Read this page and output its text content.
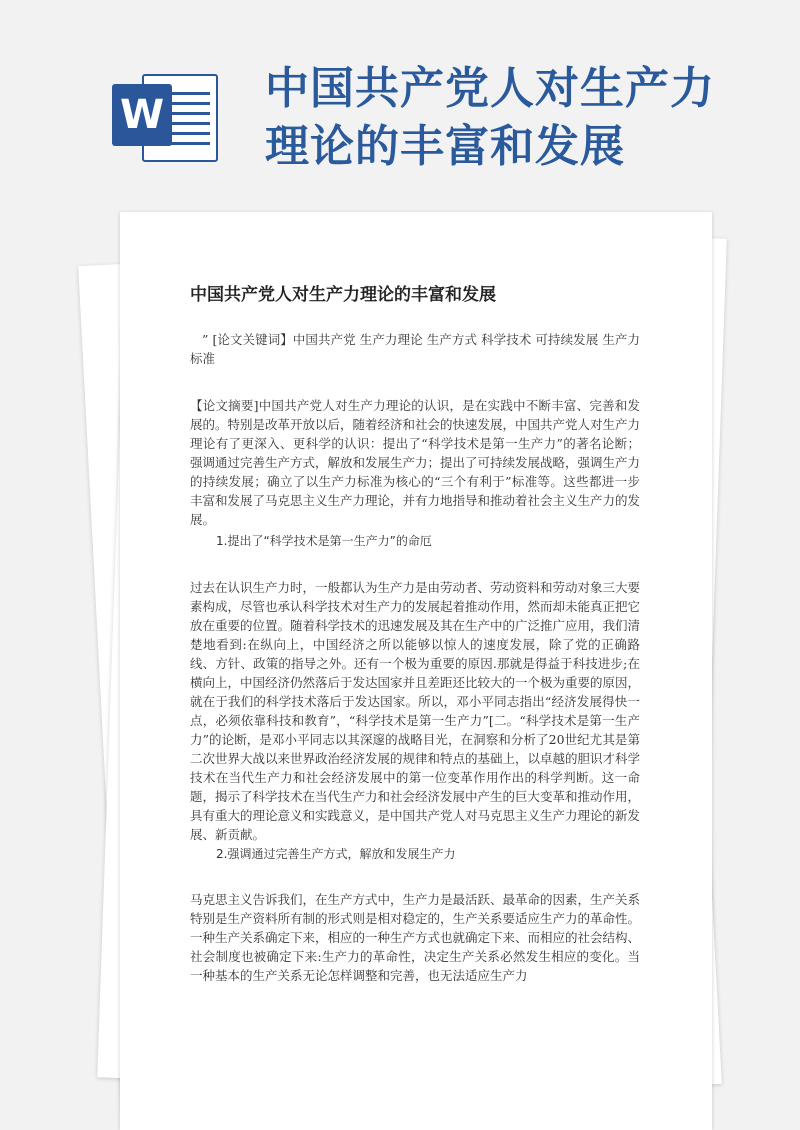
W
中国共产党人对生产力
理论的丰富和发展
中国共产党人对生产力理论的丰富和发展
” [论文关键词】中国共产党 生产力理论 生产方式 科学技术 可持续发展 生产力标准
【论文摘要]中国共产党人对生产力理论的认识，是在实践中不断丰富、完善和发展的。特别是改革开放以后，随着经济和社会的快速发展，中国共产党人对生产力理论有了更深入、更科学的认识：提出了“科学技术是第一生产力”的著名论断；强调通过完善生产方式，解放和发展生产力；提出了可持续发展战略，强调生产力的持续发展；确立了以生产力标准为核心的“三个有利于”标准等。这些都进一步丰富和发展了马克思主义生产力理论，并有力地指导和推动着社会主义生产力的发展。
1.提出了“科学技术是第一生产力”的命厄
过去在认识生产力时，一般都认为生产力是由劳动者、劳动资料和劳动对象三大要素构成，尽管也承认科学技术对生产力的发展起着推动作用，然而却未能真正把它放在重要的位置。随着科学技术的迅速发展及其在生产中的广泛推广应用，我们清楚地看到:在纵向上，中国经济之所以能够以惊人的速度发展，除了党的正确路线、方针、政策的指导之外。还有一个极为重要的原因.那就是得益于科技进步;在横向上，中国经济仍然落后于发达国家并且差距还比较大的一个极为重要的原因，就在于我们的科学技术落后于发达国家。所以，邓小平同志指出“经济发展得快一点，必须依靠科技和教育”，“科学技术是第一生产力”[二。“科学技术是第一生产力”的论断，是邓小平同志以其深邃的战略目光，在洞察和分析了20世纪尤其是第二次世界大战以来世界政治经济发展的规律和特点的基础上，以卓越的胆识才科学技术在当代生产力和社会经济发展中的第一位变革作用作出的科学判断。这一命题，揭示了科学技术在当代生产力和社会经济发展中产生的巨大变革和推动作用，具有重大的理论意义和实践意义，是中国共产党人对马克思主义生产力理论的新发展、新贡献。
2.强调通过完善生产方式，解放和发展生产力
马克思主义告诉我们，在生产方式中，生产力是最活跃、最革命的因素，生产关系特别是生产资料所有制的形式则是相对稳定的，生产关系要适应生产力的革命性。一种生产关系确定下来，相应的一种生产方式也就确定下来、而相应的社会结构、社会制度也被确定下来:生产力的革命性，决定生产关系必然发生相应的变化。当一种基本的生产关系无论怎样调整和完善，也无法适应生产力
